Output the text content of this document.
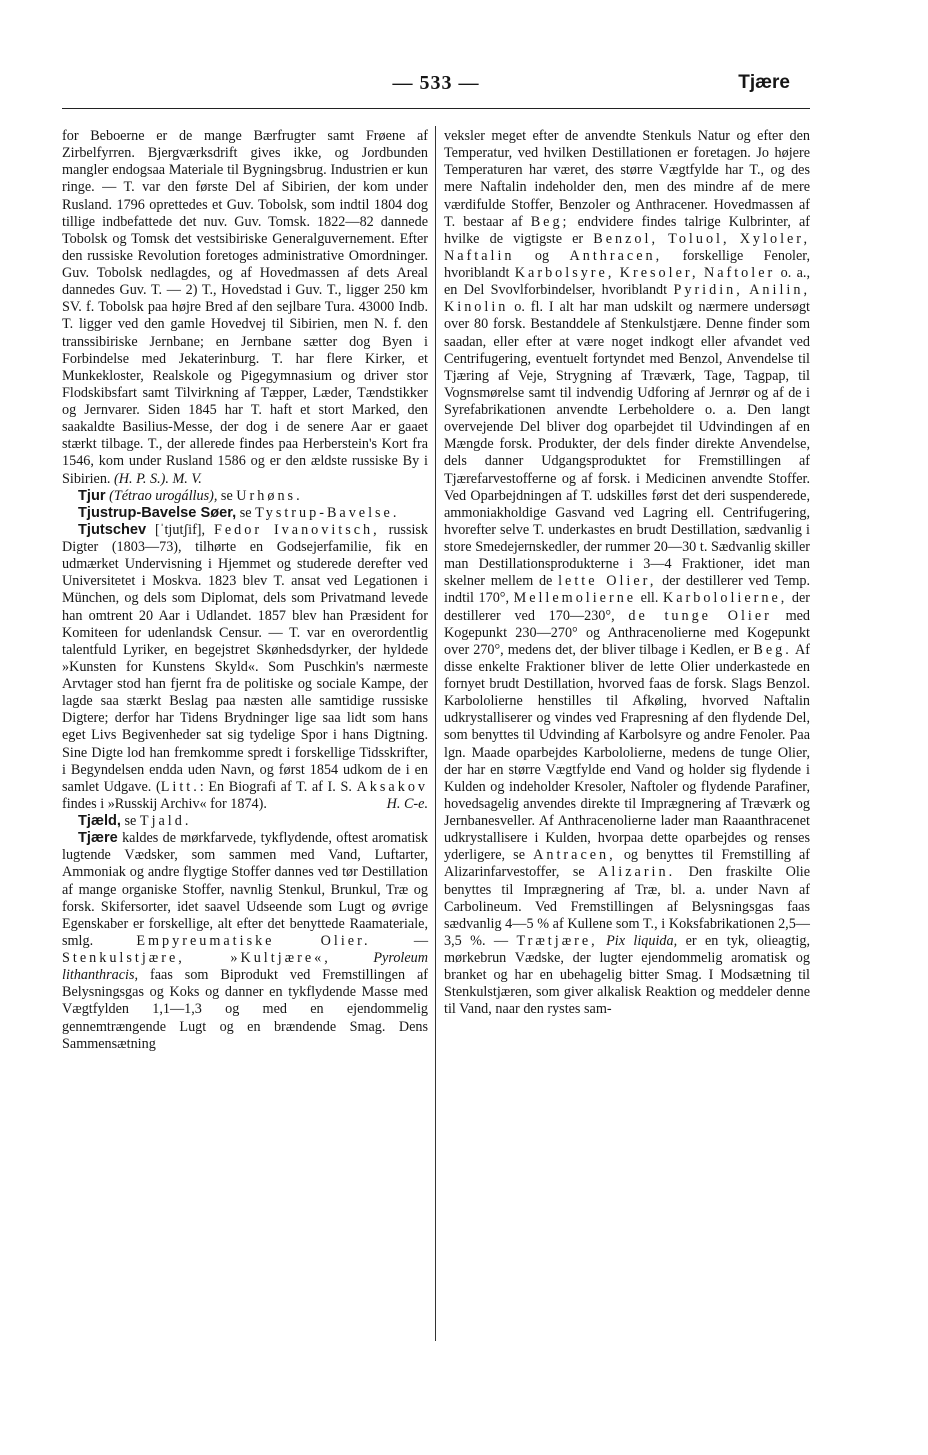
— 533 —	Tjære

for Beboerne er de mange Bærfrugter samt Frøene af Zirbelfyrren. Bjergværksdrift gives ikke, og Jordbunden mangler endogsaa Materiale til Bygningsbrug. Industrien er kun ringe. — T. var den første Del af Sibirien, der kom under Rusland. 1796 oprettedes et Guv. Tobolsk, som indtil 1804 dog tillige indbefattede det nuv. Guv. Tomsk. 1822—82 dannede Tobolsk og Tomsk det vestsibiriske Generalguvernement. Efter den russiske Revolution foretoges administrative Omordninger. Guv. Tobolsk nedlagdes, og af Hovedmassen af dets Areal dannedes Guv. T. — 2) T., Hovedstad i Guv. T., ligger 250 km SV. f. Tobolsk paa højre Bred af den sejlbare Tura. 43000 Indb. T. ligger ved den gamle Hovedvej til Sibirien, men N. f. den transsibiriske Jernbane; en Jernbane sætter dog Byen i Forbindelse med Jekaterinburg. T. har flere Kirker, et Munkekloster, Realskole og Pigegymnasium og driver stor Flodskibsfart samt Tilvirkning af Tæpper, Læder, Tændstikker og Jernvarer. Siden 1845 har T. haft et stort Marked, den saakaldte Basilius-Messe, der dog i de senere Aar er gaaet stærkt tilbage. T., der allerede findes paa Herberstein's Kort fra 1546, kom under Rusland 1586 og er den ældste russiske By i Sibirien. (H. P. S.). M. V.

Tjur (Tétrao urogállus), se Urhøns.

Tjustrup-Bavelse Søer, se Tystrup-Bavelse.

Tjutschev [ˈtjutʃif], Fedor Ivanovitsch, russisk Digter (1803—73), tilhørte en Godsejerfamilie, fik en udmærket Undervisning i Hjemmet og studerede derefter ved Universitetet i Moskva. 1823 blev T. ansat ved Legationen i München, og dels som Diplomat, dels som Privatmand levede han omtrent 20 Aar i Udlandet. 1857 blev han Præsident for Komiteen for udenlandsk Censur. — T. var en overordentlig talentfuld Lyriker, en begejstret Skønhedsdyrker, der hyldede »Kunsten for Kunstens Skyld«. Som Puschkin's nærmeste Arvtager stod han fjernt fra de politiske og sociale Kampe, der lagde saa stærkt Beslag paa næsten alle samtidige russiske Digtere; derfor har Tidens Brydninger lige saa lidt som hans eget Livs Begivenheder sat sig tydelige Spor i hans Digtning. Sine Digte lod han fremkomme spredt i forskellige Tidsskrifter, i Begyndelsen endda uden Navn, og først 1854 udkom de i en samlet Udgave. (Litt.: En Biografi af T. af I. S. Aksakov findes i »Russkij Archiv« for 1874).	H. C-e.

Tjæld, se Tjald.

Tjære kaldes de mørkfarvede, tykflydende, oftest aromatisk lugtende Vædsker, som sammen med Vand, Luftarter, Ammoniak og andre flygtige Stoffer dannes ved tør Destillation af mange organiske Stoffer, navnlig Stenkul, Brunkul, Træ og forsk. Skifersorter, idet saavel Udseende som Lugt og øvrige Egenskaber er forskellige, alt efter det benyttede Raamateriale, smlg.	Empyreumatiske Olier.	— Stenkulstjære, »Kultjære«,	Pyroleum lithanthracis, faas som Biprodukt ved Fremstillingen af Belysningsgas og Koks og danner en tykflydende Masse med Vægtfylden 1,1—1,3 og med en ejendommelig gennemtrængende Lugt og en brændende Smag. Dens Sammensætning

veksler meget efter de anvendte Stenkuls Natur og efter den Temperatur, ved hvilken Destillationen er foretagen. Jo højere Temperaturen har været, des større Vægtfylde har T., og des mere Naftalin indeholder den, men des mindre af de mere værdifulde Stoffer, Benzoler og Anthracener. Hovedmassen af T. bestaar af Beg; endvidere findes talrige Kulbrinter, af hvilke de vigtigste er Benzol, Toluol, Xyloler, Naftalin og Anthracen, forskellige Fenoler, hvoriblandt Karbolsyre, Kresoler, Naftoler o. a., en Del Svovlforbindelser, hvoriblandt Pyridin, Anilin, Kinolin o. fl. I alt har man udskilt og nærmere undersøgt over 80 forsk. Bestanddele af Stenkulstjære. Denne finder som saadan, eller efter at være noget indkogt eller afvandet ved Centrifugering, eventuelt fortyndet med Benzol, Anvendelse til Tjæring af Veje, Strygning af Træværk, Tage, Tagpap, til Vognsmørelse samt til indvendig Udforing af Jernrør og af de i Syrefabrikationen anvendte Lerbeholdere o. a. Den langt overvejende Del bliver dog oparbejdet til Udvindingen af en Mængde forsk. Produkter, der dels finder direkte Anvendelse, dels danner Udgangsproduktet for Fremstillingen af Tjærefarvestofferne og af forsk. i Medicinen anvendte Stoffer. Ved Oparbejdningen af T. udskilles først det deri suspenderede, ammoniakholdige Gasvand ved Lagring ell. Centrifugering, hvorefter selve T. underkastes en brudt Destillation, sædvanlig i store Smedejernskedler, der rummer 20—30 t. Sædvanlig skiller man Destillationsprodukterne i 3—4 Fraktioner, idet man skelner mellem de lette Olier, der destillerer ved Temp. indtil 170°, Mellemolierne ell. Karbololierne, der destillerer ved 170—230°, de tunge Olier med Kogepunkt 230—270° og Anthracenolierne med Kogepunkt over 270°, medens det, der bliver tilbage i Kedlen, er Beg. Af disse enkelte Fraktioner bliver de lette Olier underkastede en fornyet brudt Destillation, hvorved faas de forsk. Slags Benzol. Karbololierne henstilles til Afkøling, hvorved Naftalin udkrystalliserer og vindes ved Frapresning af den flydende Del, som benyttes til Udvinding af Karbolsyre og andre Fenoler. Paa lgn. Maade oparbejdes Karbololierne, medens de tunge Olier, der har en større Vægtfylde end Vand og holder sig flydende i Kulden og indeholder Kresoler, Naftoler og flydende Parafiner, hovedsagelig anvendes direkte til Imprægnering af Træværk og Jernbanesveller. Af Anthracenolierne lader man Raaanthracenet udkrystallisere i Kulden, hvorpaa dette oparbejdes og renses yderligere, se Antracen, og benyttes til Fremstilling af Alizarinfarvestoffer, se Alizarin. Den fraskilte Olie benyttes til Imprægnering af Træ, bl. a. under Navn af Carbolineum. Ved Fremstillingen af Belysningsgas faas sædvanlig 4—5 % af Kullene som T., i Koksfabrikationen 2,5—3,5 %. — Trætjære, Pix liquida, er en tyk, olieagtig, mørkebrun Vædske, der lugter ejendommelig aromatisk og branket og har en ubehagelig bitter Smag. I Modsætning til Stenkulstjæren, som giver alkalisk Reaktion og meddeler denne til Vand, naar den rystes sam-
